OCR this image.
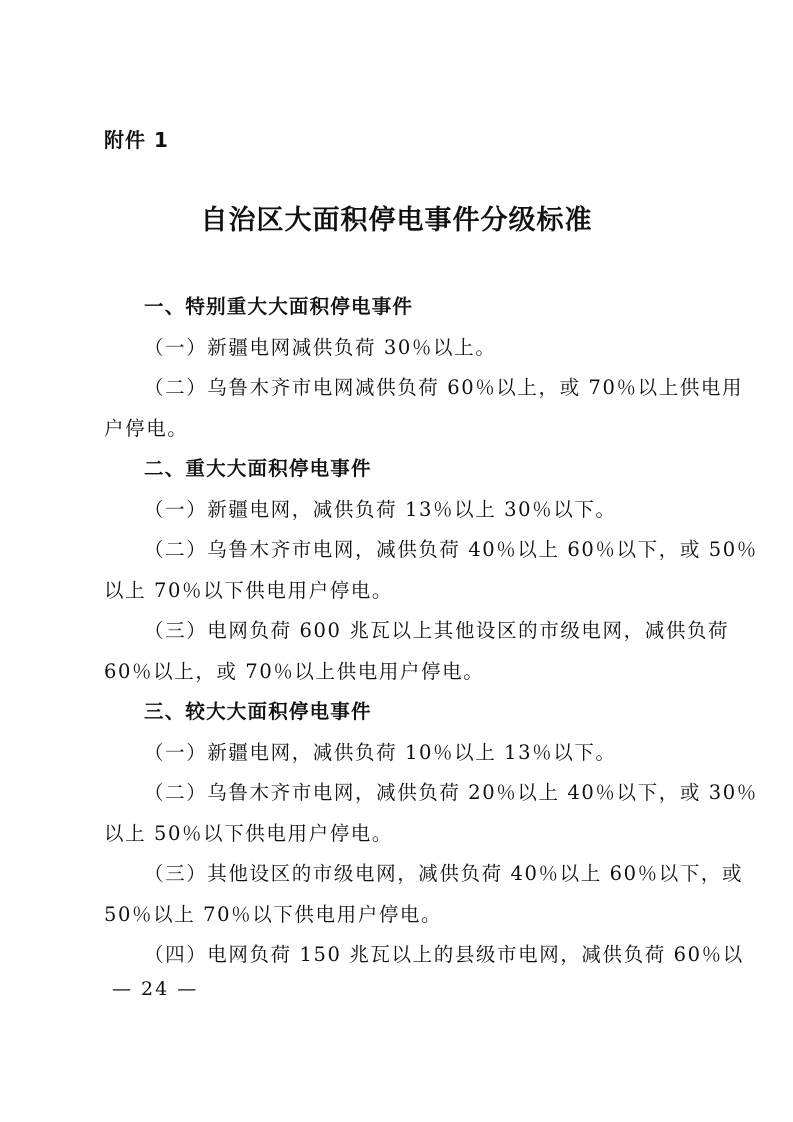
附件 1
自治区大面积停电事件分级标准

一、特别重大大面积停电事件

（一）新疆电网减供负荷 30％以上。

（二）乌鲁木齐市电网减供负荷 60％以上，或 70％以上供电用

户停电。

二、重大大面积停电事件

（一）新疆电网，减供负荷 13％以上 30％以下。

（二）乌鲁木齐市电网，减供负荷 40％以上 60％以下，或 50％

以上 70％以下供电用户停电。

（三）电网负荷 600 兆瓦以上其他设区的市级电网，减供负荷

60％以上，或 70％以上供电用户停电。

三、较大大面积停电事件

（一）新疆电网，减供负荷 10％以上 13％以下。

（二）乌鲁木齐市电网，减供负荷 20％以上 40％以下，或 30％

以上 50％以下供电用户停电。

（三）其他设区的市级电网，减供负荷 40％以上 60％以下，或

50％以上 70％以下供电用户停电。

（四）电网负荷 150 兆瓦以上的县级市电网，减供负荷 60％以

— 24 —
